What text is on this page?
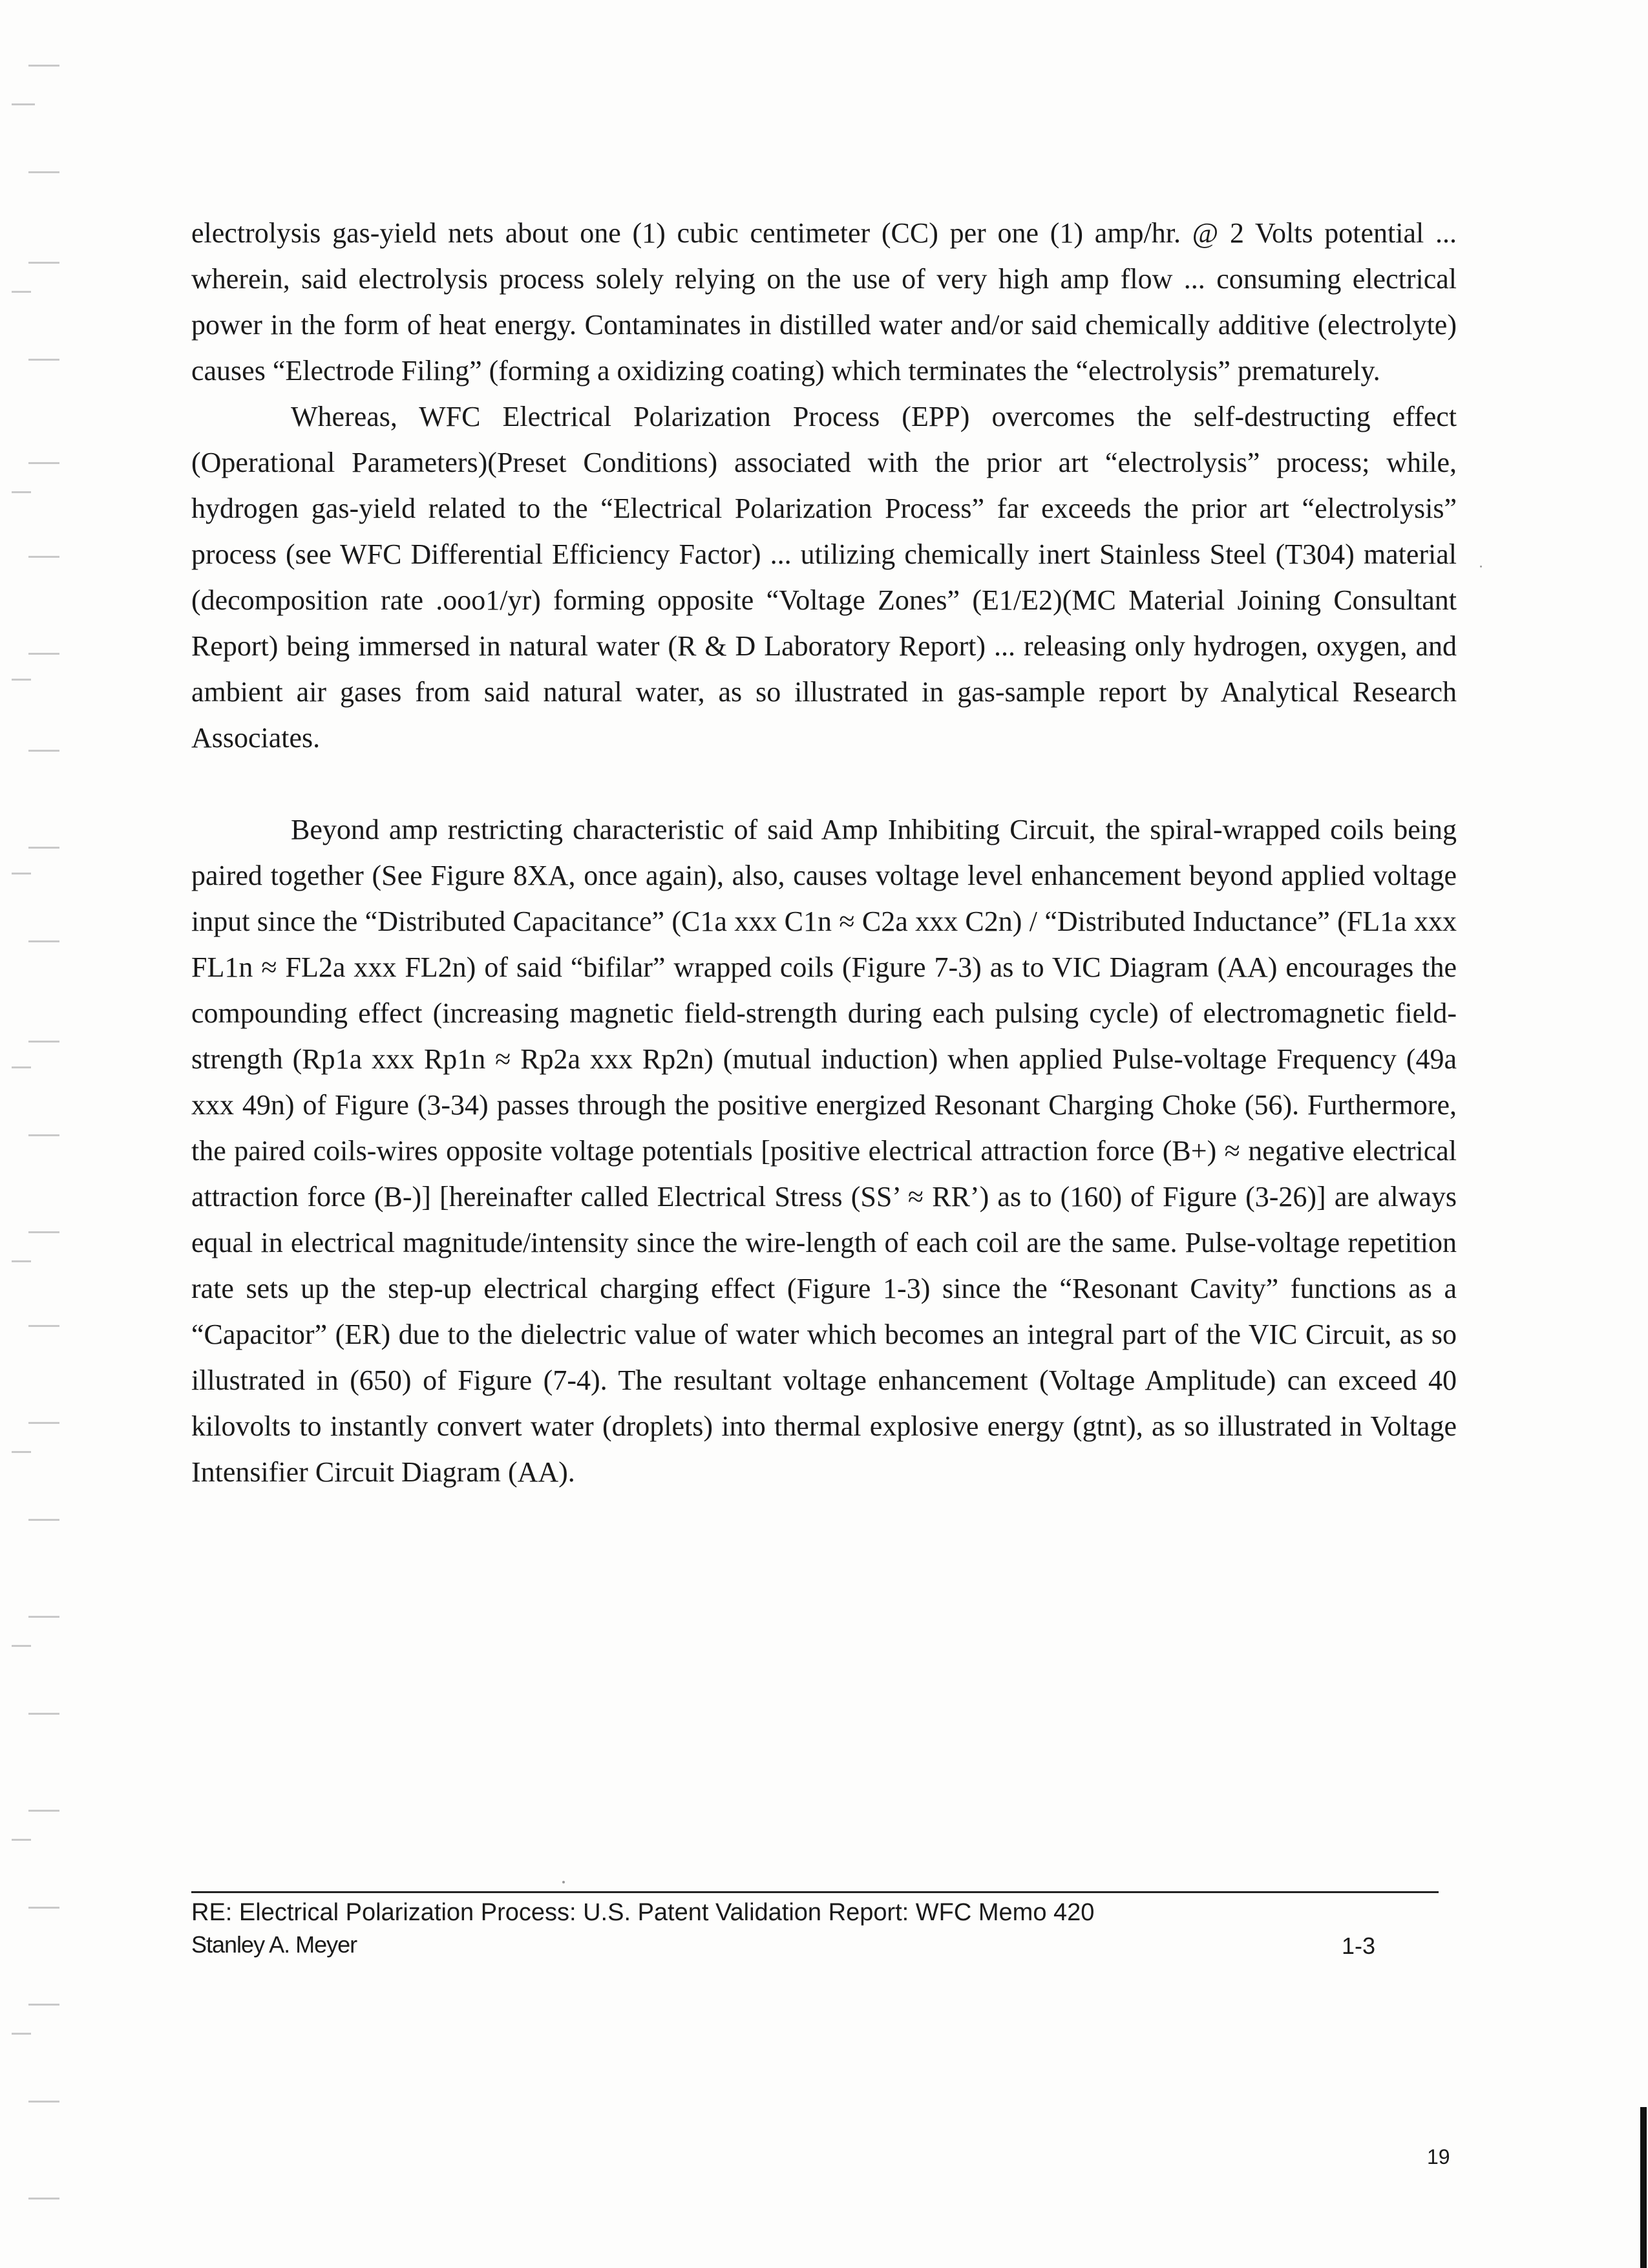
electrolysis gas-yield nets about one (1) cubic centimeter (CC) per one (1) amp/hr. @ 2 Volts potential ... wherein, said electrolysis process solely relying on the use of very high amp flow ... consuming electrical power in the form of heat energy. Contaminates in distilled water and/or said chemically additive (electrolyte) causes “Electrode Filing” (forming a oxidizing coating) which terminates the “electrolysis” prematurely.

Whereas, WFC Electrical Polarization Process (EPP) overcomes the self-destructing effect (Operational Parameters)(Preset Conditions) associated with the prior art “electrolysis” process; while, hydrogen gas-yield related to the “Electrical Polarization Process” far exceeds the prior art “electrolysis” process (see WFC Differential Efficiency Factor) ... utilizing chemically inert Stainless Steel (T304) material (decomposition rate .ooo1/yr) forming opposite “Voltage Zones” (E1/E2)(MC Material Joining Consultant Report) being immersed in natural water (R & D Laboratory Report) ... releasing only hydrogen, oxygen, and ambient air gases from said natural water, as so illustrated in gas-sample report by Analytical Research Associates.

Beyond amp restricting characteristic of said Amp Inhibiting Circuit, the spiral-wrapped coils being paired together (See Figure 8XA, once again), also, causes voltage level enhancement beyond applied voltage input since the “Distributed Capacitance” (C1a xxx C1n ≈ C2a xxx C2n) / “Distributed Inductance” (FL1a xxx FL1n ≈ FL2a xxx FL2n) of said “bifilar” wrapped coils (Figure 7-3) as to VIC Diagram (AA) encourages the compounding effect (increasing magnetic field-strength during each pulsing cycle) of electromagnetic field-strength (Rp1a xxx Rp1n ≈ Rp2a xxx Rp2n) (mutual induction) when applied Pulse-voltage Frequency (49a xxx 49n) of Figure (3-34) passes through the positive energized Resonant Charging Choke (56). Furthermore, the paired coils-wires opposite voltage potentials [positive electrical attraction force (B+) ≈ negative electrical attraction force (B-)] [hereinafter called Electrical Stress (SS’ ≈ RR’) as to (160) of Figure (3-26)] are always equal in electrical magnitude/intensity since the wire-length of each coil are the same. Pulse-voltage repetition rate sets up the step-up electrical charging effect (Figure 1-3) since the “Resonant Cavity” functions as a “Capacitor” (ER) due to the dielectric value of water which becomes an integral part of the VIC Circuit, as so illustrated in (650) of Figure (7-4). The resultant voltage enhancement (Voltage Amplitude) can exceed 40 kilovolts to instantly convert water (droplets) into thermal explosive energy (gtnt), as so illustrated in Voltage Intensifier Circuit Diagram (AA).

RE: Electrical Polarization Process: U.S. Patent Validation Report: WFC Memo 420
Stanley A. Meyer	1-3
19
